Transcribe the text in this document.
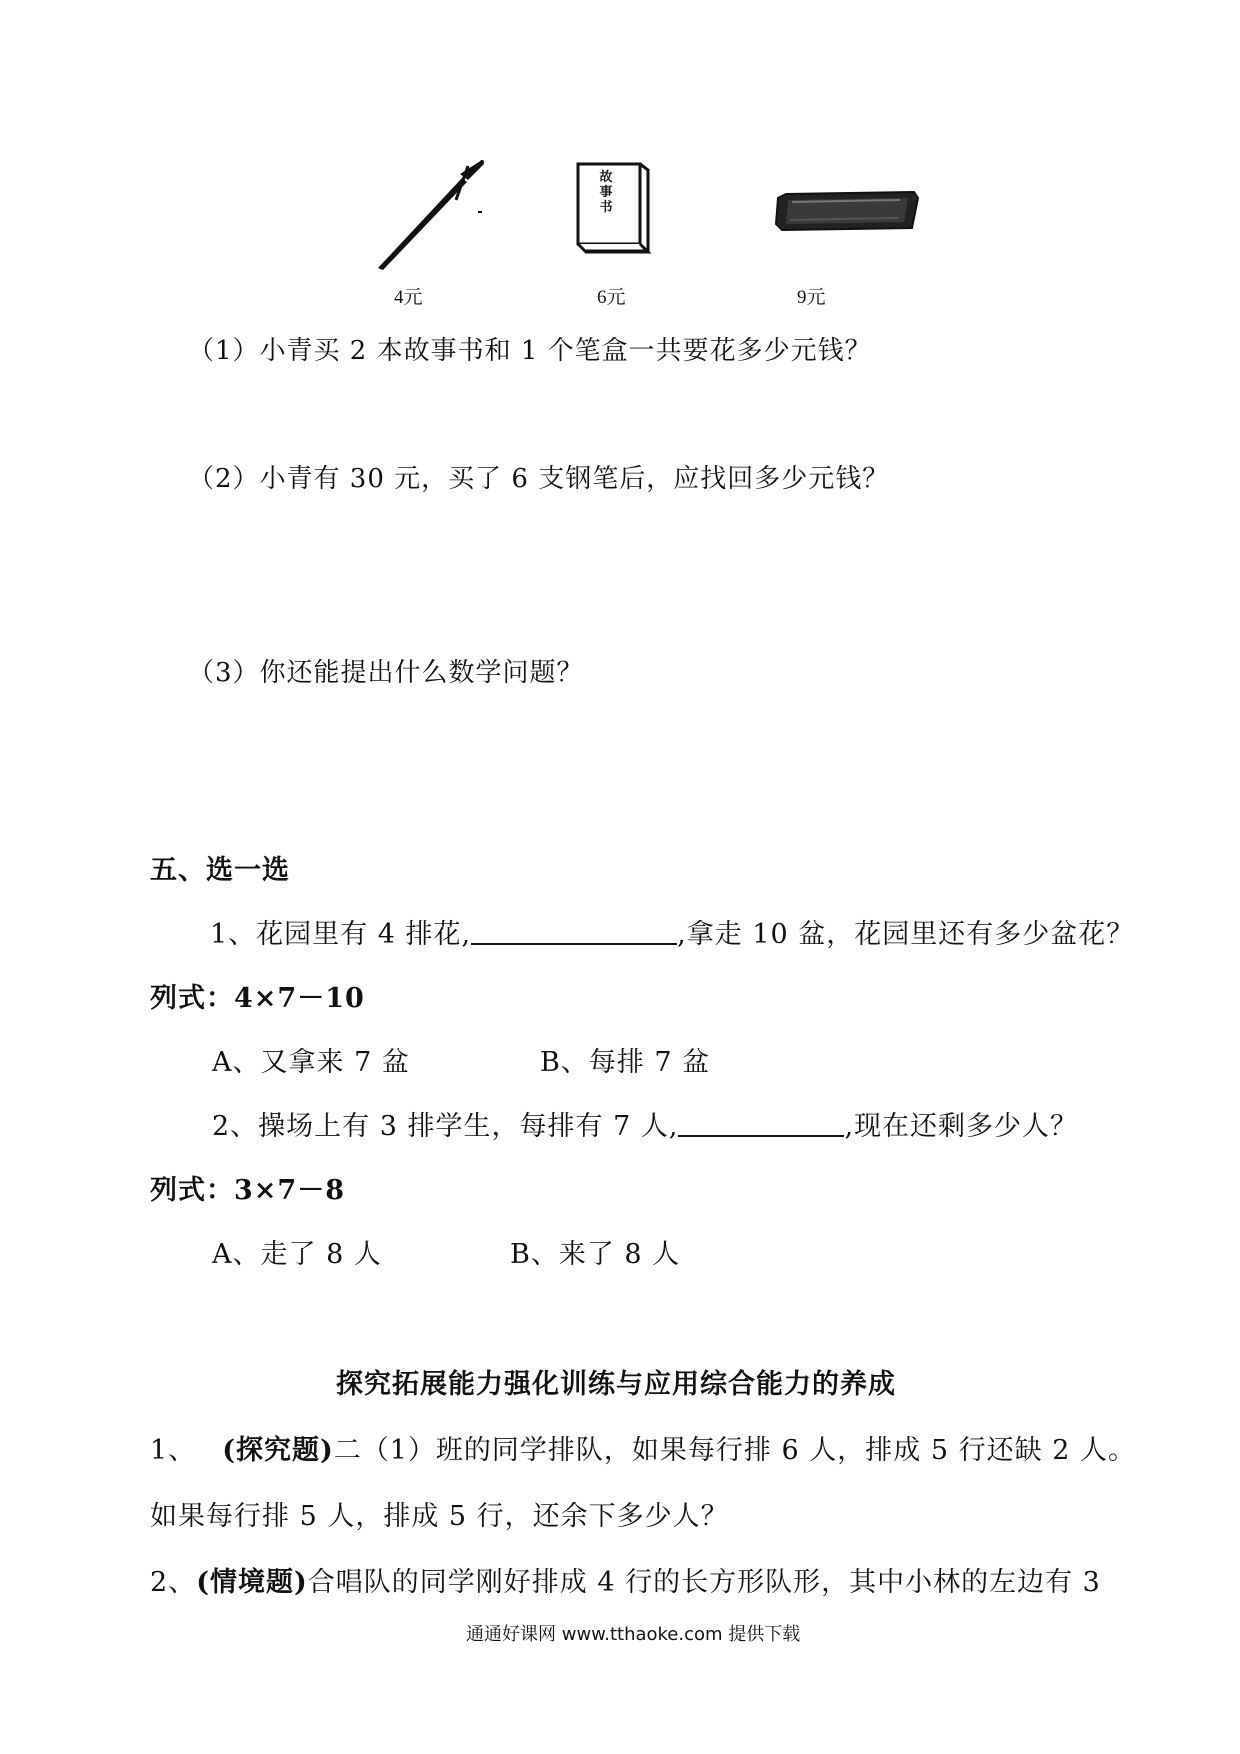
故事书
4元	6元	9元
（1）小青买 2 本故事书和 1 个笔盒一共要花多少元钱？
（2）小青有 30 元，买了 6 支钢笔后，应找回多少元钱？
（3）你还能提出什么数学问题？
五、选一选
1、花园里有 4 排花,	,拿走 10 盆，花园里还有多少盆花？
列式：4×7－10
A、又拿来 7 盆	B、每排 7 盆
2、操场上有 3 排学生，每排有 7 人,	,现在还剩多少人？
列式：3×7－8
A、走了 8 人	B、来了 8 人
探究拓展能力强化训练与应用综合能力的养成
1、 (探究题)二（1）班的同学排队，如果每行排 6 人，排成 5 行还缺 2 人。
如果每行排 5 人，排成 5 行，还余下多少人？
2、(情境题)合唱队的同学刚好排成 4 行的长方形队形，其中小林的左边有 3
通通好课网 www.tthaoke.com 提供下载
